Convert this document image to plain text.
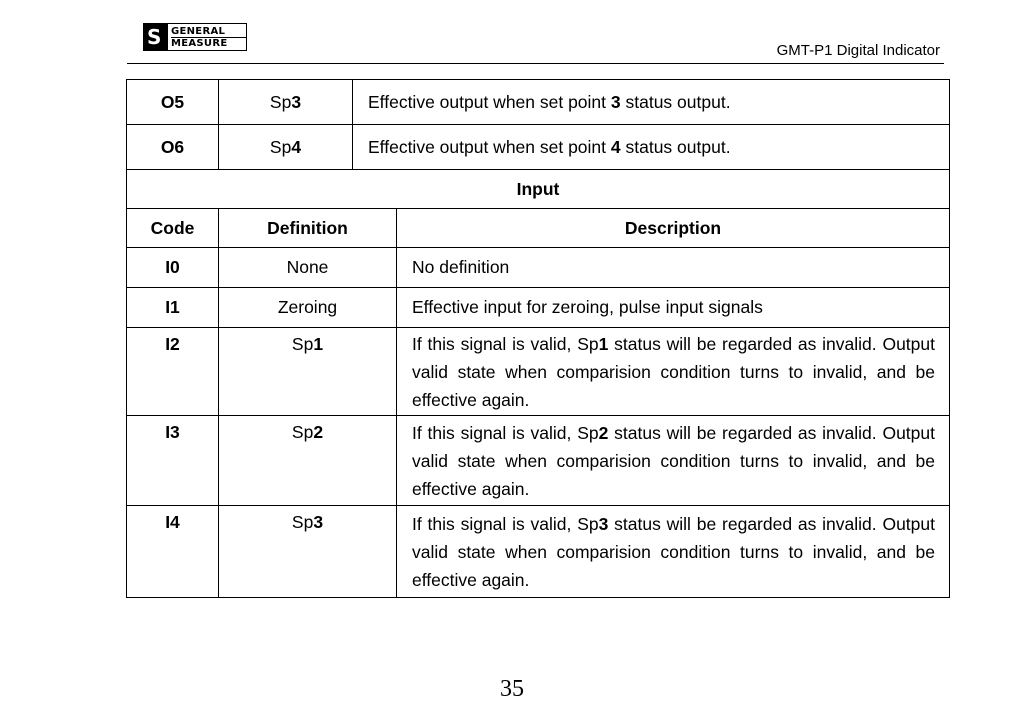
S GENERAL
MEASURE	GMT-P1 Digital Indicator
O5	Sp3	Effective output when set point 3 status output.	
O6	Sp4	Effective output when set point 4 status output.	
Input			
Code	Definition		Description
I0	None		No definition
I1	Zeroing		Effective input for zeroing, pulse input signals
I2	Sp1		If this signal is valid, Sp1 status will be regarded as invalid. Output valid state when comparision condition turns to invalid, and be effective again.
I3	Sp2		If this signal is valid, Sp2 status will be regarded as invalid. Output valid state when comparision condition turns to invalid, and be effective again.
I4	Sp3		If this signal is valid, Sp3 status will be regarded as invalid. Output valid state when comparision condition turns to invalid, and be effective again.
35
